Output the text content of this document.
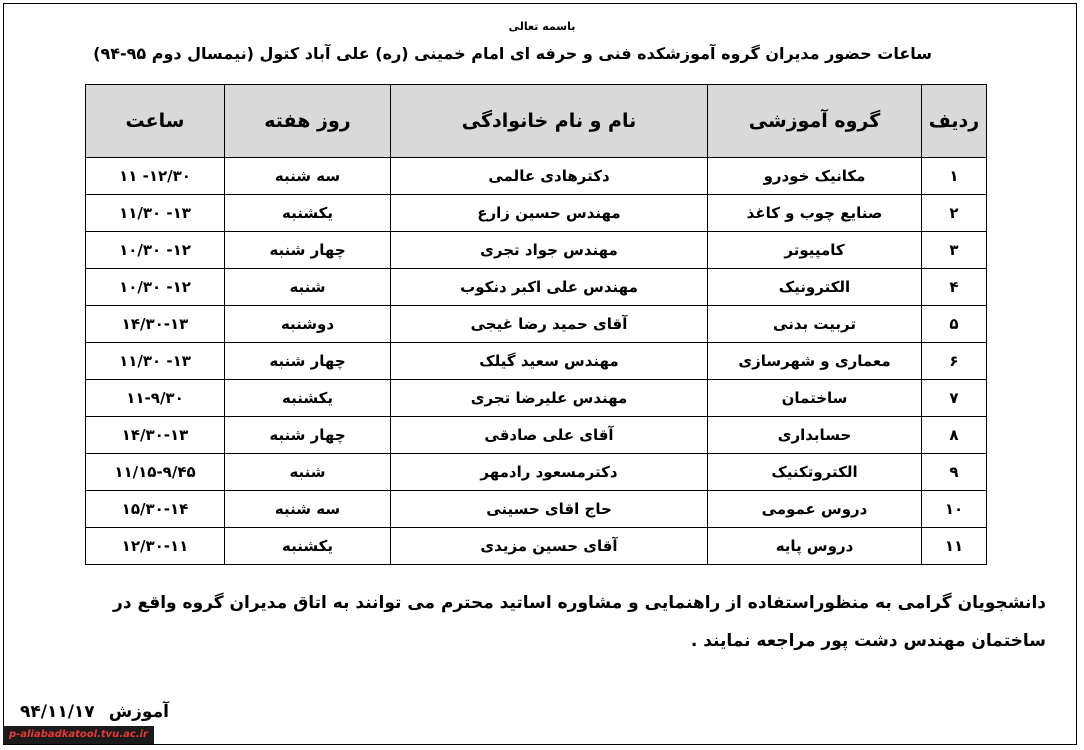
باسمه تعالی
ساعات حضور مدیران گروه آموزشکده فنی و حرفه ای امام خمینی (ره) علی آباد کتول (نیمسال دوم ۹۵-۹۴)
ردیف	گروه آموزشی	نام و نام خانوادگی	روز هفته	ساعت
۱	مکانیک خودرو	دکترهادی عالمی	سه شنبه	۱۲/۳۰- ۱۱
۲	صنایع چوب و کاغذ	مهندس حسین زارع	یکشنبه	۱۳- ۱۱/۳۰
۳	کامپیوتر	مهندس جواد تجری	چهار شنبه	۱۲- ۱۰/۳۰
۴	الکترونیک	مهندس علی اکبر دنکوب	شنبه	۱۲- ۱۰/۳۰
۵	تربیت بدنی	آقای حمید رضا غیجی	دوشنبه	۱۴/۳۰-۱۳
۶	معماری و شهرسازی	مهندس سعید گیلک	چهار شنبه	۱۳- ۱۱/۳۰
۷	ساختمان	مهندس علیرضا تجری	یکشنبه	۱۱-۹/۳۰
۸	حسابداری	آقای علی صادقی	چهار شنبه	۱۴/۳۰-۱۳
۹	الکتروتکنیک	دکترمسعود رادمهر	شنبه	۱۱/۱۵-۹/۴۵
۱۰	دروس عمومی	حاج اقای حسینی	سه شنبه	۱۵/۳۰-۱۴
۱۱	دروس پایه	آقای حسین مزیدی	یکشنبه	۱۲/۳۰-۱۱
دانشجویان گرامی به منظوراستفاده از راهنمایی و مشاوره اساتید محترم می توانند به اتاق مدیران گروه واقع در
ساختمان مهندس دشت پور مراجعه نمایند .
۹۴/۱۱/۱۷ آموزش
p-aliabadkatool.tvu.ac.ir
